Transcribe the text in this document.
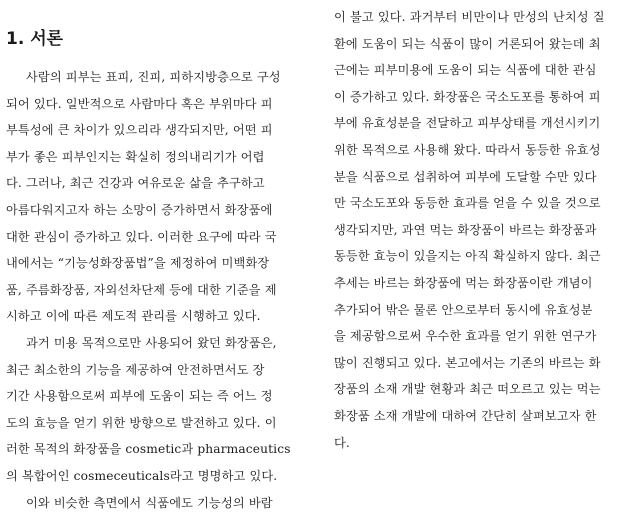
1. 서론

사람의 피부는 표피, 진피, 피하지방층으로 구성
되어 있다. 일반적으로 사람마다 혹은 부위마다 피
부특성에 큰 차이가 있으리라 생각되지만, 어떤 피
부가 좋은 피부인지는 확실히 정의내리기가 어렵
다. 그러나, 최근 건강과 여유로운 삶을 추구하고
아름다워지고자 하는 소망이 증가하면서 화장품에
대한 관심이 증가하고 있다. 이러한 요구에 따라 국
내에서는 “기능성화장품법”을 제정하여 미백화장
품, 주름화장품, 자외선차단제 등에 대한 기준을 제
시하고 이에 따른 제도적 관리를 시행하고 있다.

과거 미용 목적으로만 사용되어 왔던 화장품은,
최근 최소한의 기능을 제공하여 안전하면서도 장
기간 사용함으로써 피부에 도움이 되는 즉 어느 정
도의 효능을 얻기 위한 방향으로 발전하고 있다. 이
러한 목적의 화장품을 cosmetic과 pharmaceutics
의 복합어인 cosmeceuticals라고 명명하고 있다.

이와 비슷한 측면에서 식품에도 기능성의 바람

이 불고 있다. 과거부터 비만이나 만성의 난치성 질
환에 도움이 되는 식품이 많이 거론되어 왔는데 최
근에는 피부미용에 도움이 되는 식품에 대한 관심
이 증가하고 있다. 화장품은 국소도포를 통하여 피
부에 유효성분을 전달하고 피부상태를 개선시키기
위한 목적으로 사용해 왔다. 따라서 동등한 유효성
분을 식품으로 섭취하여 피부에 도달할 수만 있다
만 국소도포와 동등한 효과를 얻을 수 있을 것으로
생각되지만, 과연 먹는 화장품이 바르는 화장품과
동등한 효능이 있을지는 아직 확실하지 않다. 최근
추세는 바르는 화장품에 먹는 화장품이란 개념이
추가되어 밖은 물론 안으로부터 동시에 유효성분
을 제공함으로써 우수한 효과를 얻기 위한 연구가
많이 진행되고 있다. 본고에서는 기존의 바르는 화
장품의 소재 개발 현황과 최근 떠오르고 있는 먹는
화장품 소재 개발에 대하여 간단히 살펴보고자 한
다.
